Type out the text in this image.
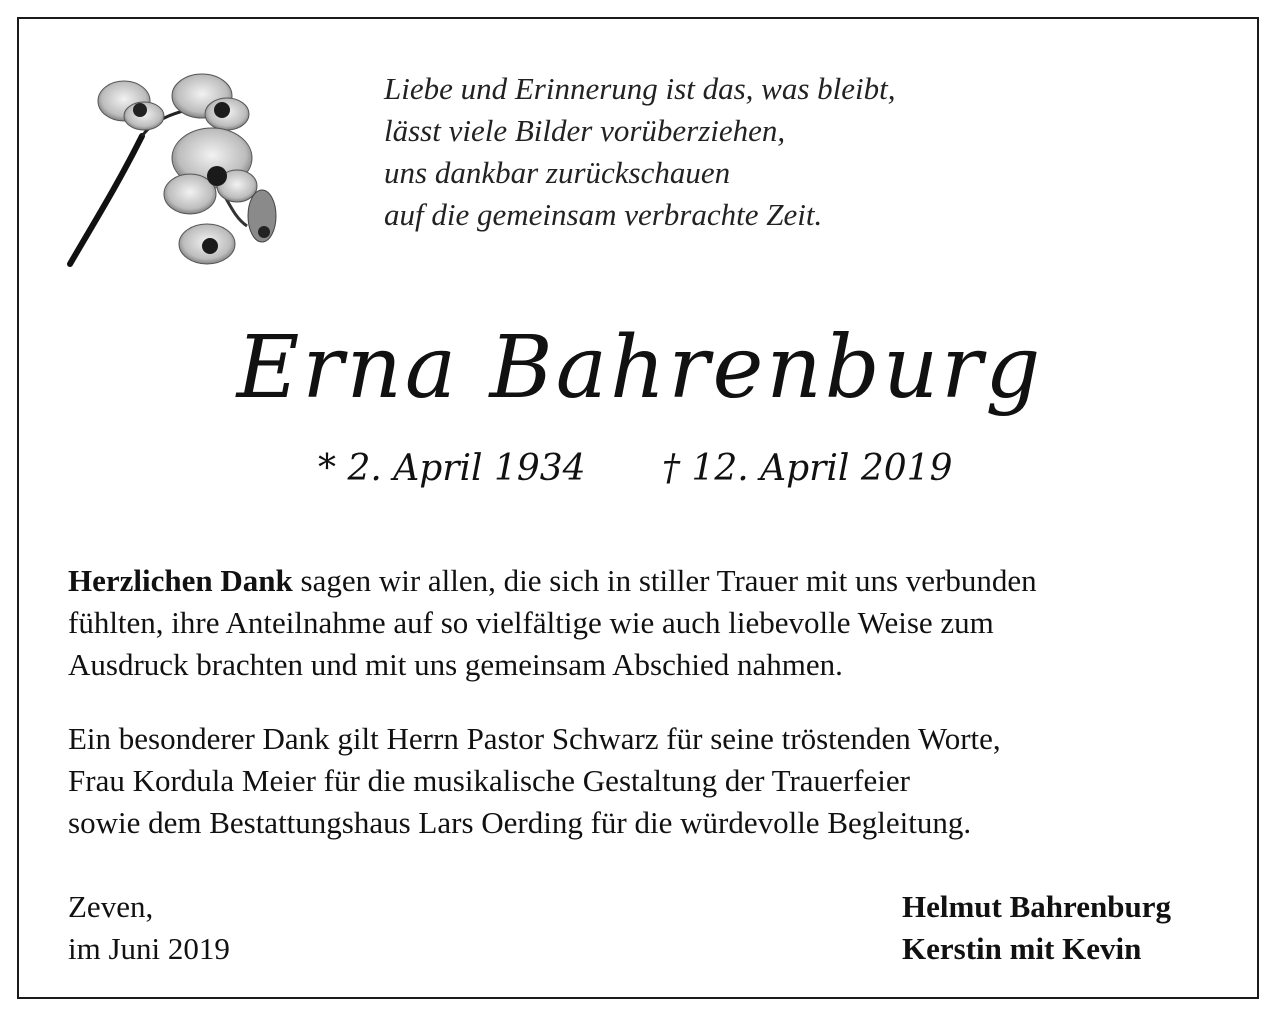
Liebe und Erinnerung ist das, was bleibt,
lässt viele Bilder vorüberziehen,
uns dankbar zurückschauen
auf die gemeinsam verbrachte Zeit.
Erna Bahrenburg
* 2. April 1934 † 12. April 2019
Herzlichen Dank sagen wir allen, die sich in stiller Trauer mit uns verbunden
fühlten, ihre Anteilnahme auf so vielfältige wie auch liebevolle Weise zum
Ausdruck brachten und mit uns gemeinsam Abschied nahmen.
Ein besonderer Dank gilt Herrn Pastor Schwarz für seine tröstenden Worte,
Frau Kordula Meier für die musikalische Gestaltung der Trauerfeier
sowie dem Bestattungshaus Lars Oerding für die würdevolle Begleitung.
Zeven,
im Juni 2019
Helmut Bahrenburg
Kerstin mit Kevin
